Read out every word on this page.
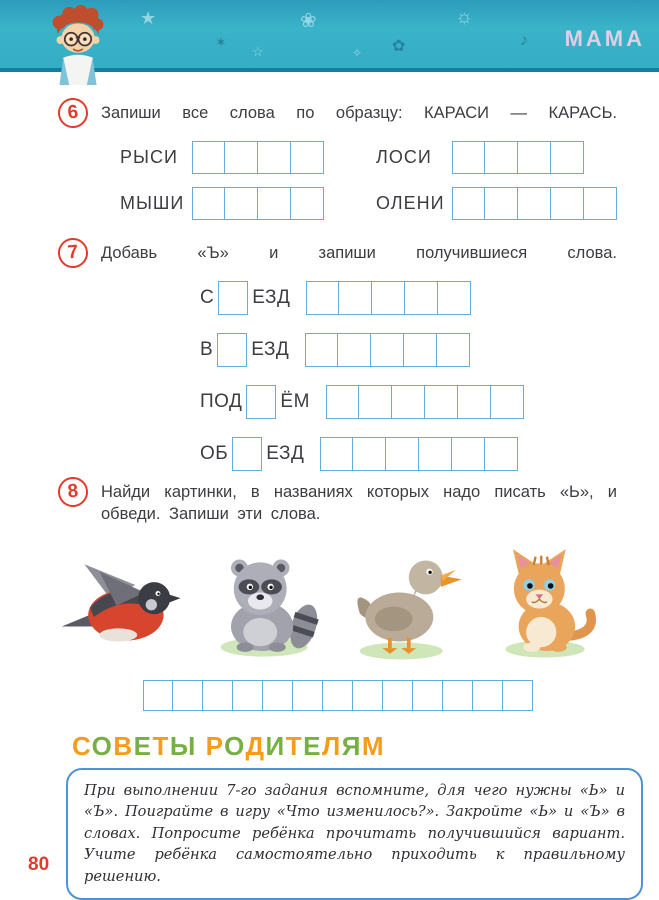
★
✶
❀
✿
☼
♪
☆	✧
МАМА
6	Запиши все слова по образцу: КАРАСИ — КАРАСЬ.

РЫСИ	ЛОСИ
МЫШИ	ОЛЕНИ
7	Добавь «Ъ» и запиши получившиеся слова.

С ЕЗД
В ЕЗД
ПОД ЁМ
ОБ ЕЗД
8	Найди картинки, в названиях которых надо писать «Ь», и обведи. Запиши эти слова.

СОВЕТЫ РОДИТЕЛЯМ

При выполнении 7-го задания вспомните, для чего нужны «Ь» и «Ъ». Поиграйте в игру «Что изменилось?». Закройте «Ь» и «Ъ» в словах. Попросите ребёнка прочитать получившийся вариант. Учите ребёнка самостоятельно приходить к правильному решению.

80
